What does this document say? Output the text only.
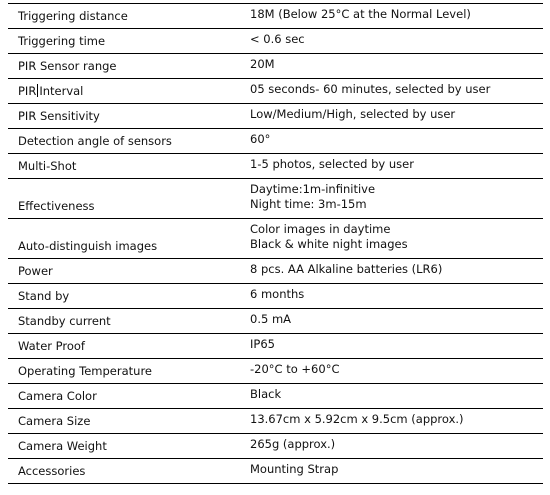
Triggering distance	18M (Below 25°C at the Normal Level)
Triggering time	< 0.6 sec
PIR Sensor range	20M
PIR Interval	05 seconds- 60 minutes, selected by user
PIR Sensitivity	Low/Medium/High, selected by user
Detection angle of sensors	60°
Multi-Shot	1-5 photos, selected by user
Effectiveness	Daytime:1m-infinitive
Night time: 3m-15m

Auto-distinguish images	Color images in daytime
Black & white night images

Power	8 pcs. AA Alkaline batteries (LR6)
Stand by	6 months
Standby current	0.5 mA
Water Proof	IP65
Operating Temperature	-20°C to +60°C
Camera Color	Black
Camera Size	13.67cm x 5.92cm x 9.5cm (approx.)
Camera Weight	265g (approx.)
Accessories	Mounting Strap
